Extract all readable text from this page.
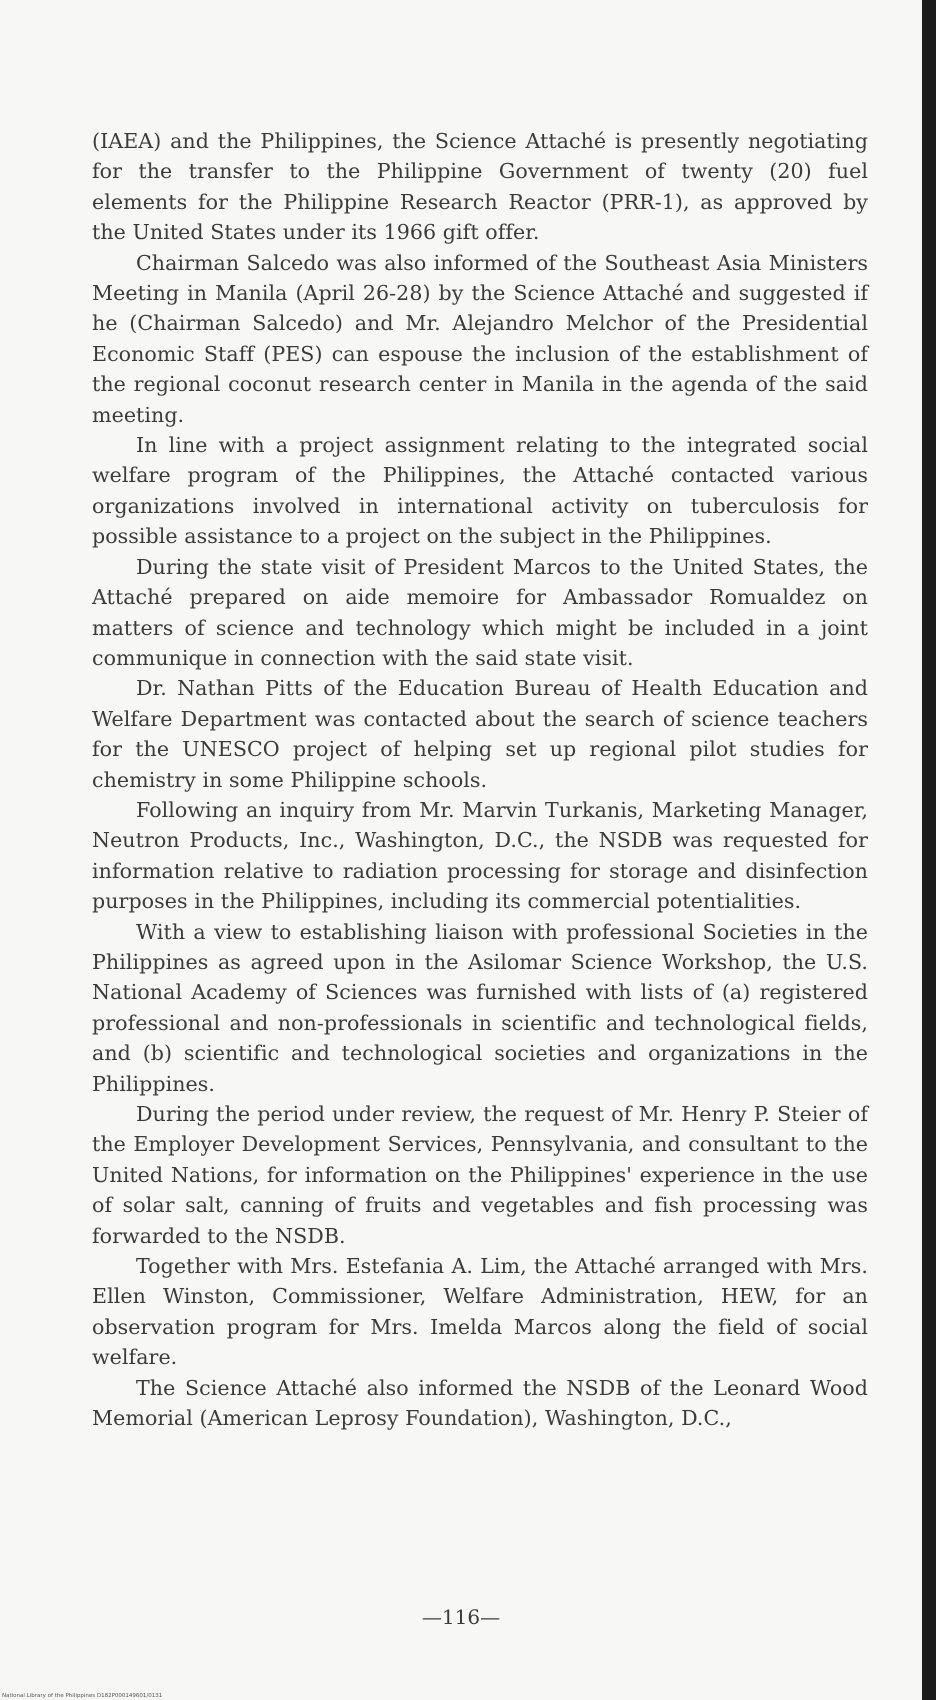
(IAEA) and the Philippines, the Science Attaché is presently negotiating for the transfer to the Philippine Government of twenty (20) fuel elements for the Philippine Research Reactor (PRR-1), as approved by the United States under its 1966 gift offer.

Chairman Salcedo was also informed of the Southeast Asia Ministers Meeting in Manila (April 26-28) by the Science Attaché and suggested if he (Chairman Salcedo) and Mr. Alejandro Melchor of the Presidential Economic Staff (PES) can espouse the inclusion of the establishment of the regional coconut research center in Manila in the agenda of the said meeting.

In line with a project assignment relating to the integrated social welfare program of the Philippines, the Attaché contacted various organizations involved in international activity on tuberculosis for possible assistance to a project on the subject in the Philippines.

During the state visit of President Marcos to the United States, the Attaché prepared on aide memoire for Ambassador Romualdez on matters of science and technology which might be included in a joint communique in connection with the said state visit.

Dr. Nathan Pitts of the Education Bureau of Health Education and Welfare Department was contacted about the search of science teachers for the UNESCO project of helping set up regional pilot studies for chemistry in some Philippine schools.

Following an inquiry from Mr. Marvin Turkanis, Marketing Manager, Neutron Products, Inc., Washington, D.C., the NSDB was requested for information relative to radiation processing for storage and disinfection purposes in the Philippines, including its commercial potentialities.

With a view to establishing liaison with professional Societies in the Philippines as agreed upon in the Asilomar Science Workshop, the U.S. National Academy of Sciences was furnished with lists of (a) registered professional and non-professionals in scientific and technological fields, and (b) scientific and technological societies and organizations in the Philippines.

During the period under review, the request of Mr. Henry P. Steier of the Employer Development Services, Pennsylvania, and consultant to the United Nations, for information on the Philippines' experience in the use of solar salt, canning of fruits and vegetables and fish processing was forwarded to the NSDB.

Together with Mrs. Estefania A. Lim, the Attaché arranged with Mrs. Ellen Winston, Commissioner, Welfare Administration, HEW, for an observation program for Mrs. Imelda Marcos along the field of social welfare.

The Science Attaché also informed the NSDB of the Leonard Wood Memorial (American Leprosy Foundation), Washington, D.C.,

—116—
National Library of the Philippines D182P000149601/0131
